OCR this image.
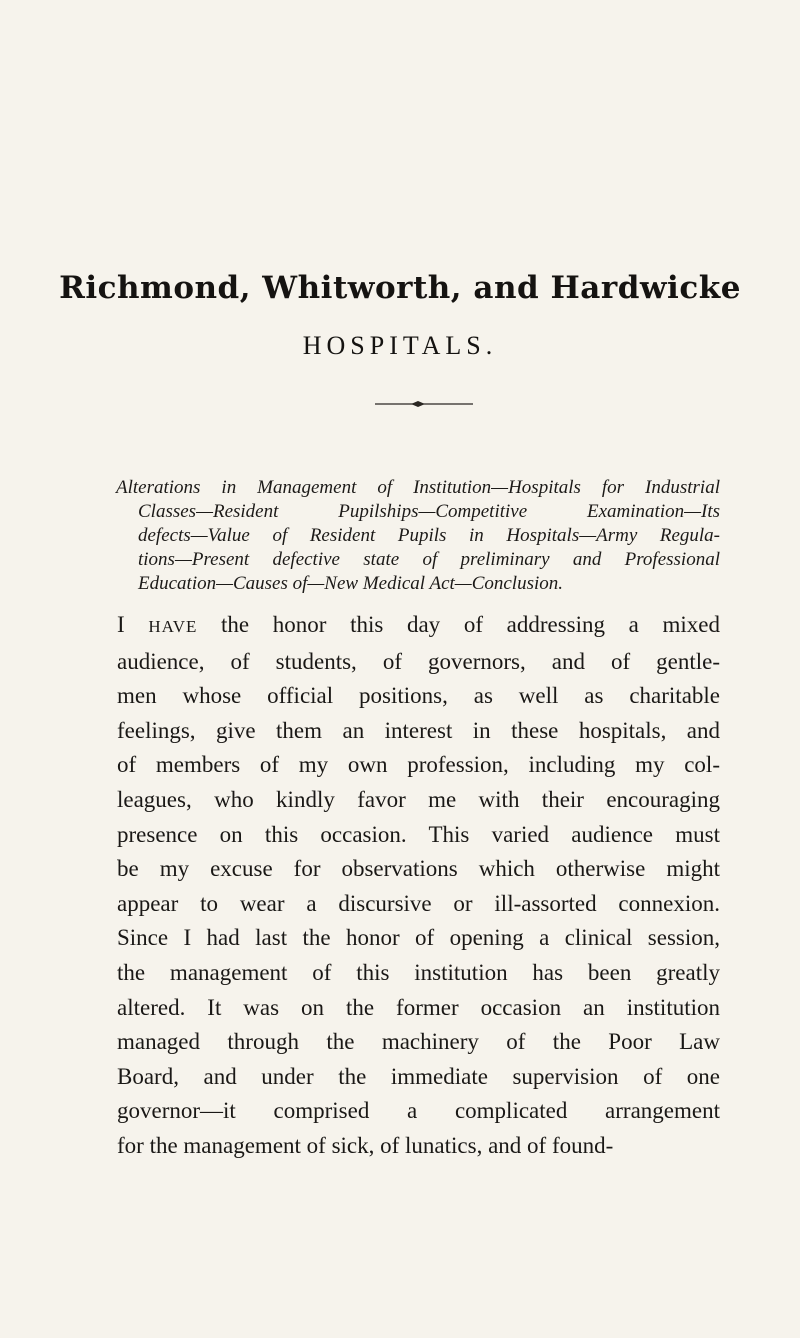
Richmond, Whitworth, and Hardwicke
HOSPITALS.
Alterations in Management of Institution—Hospitals for Industrial
Classes—Resident Pupilships—Competitive Examination—Its
defects—Value of Resident Pupils in Hospitals—Army Regula-
tions—Present defective state of preliminary and Professional
Education—Causes of—New Medical Act—Conclusion.
I HAVE the honor this day of addressing a mixed
audience, of students, of governors, and of gentle-
men whose official positions, as well as charitable
feelings, give them an interest in these hospitals, and
of members of my own profession, including my col-
leagues, who kindly favor me with their encouraging
presence on this occasion. This varied audience must
be my excuse for observations which otherwise might
appear to wear a discursive or ill-assorted connexion.
Since I had last the honor of opening a clinical session,
the management of this institution has been greatly
altered. It was on the former occasion an institution
managed through the machinery of the Poor Law
Board, and under the immediate supervision of one
governor—it comprised a complicated arrangement
for the management of sick, of lunatics, and of found-
